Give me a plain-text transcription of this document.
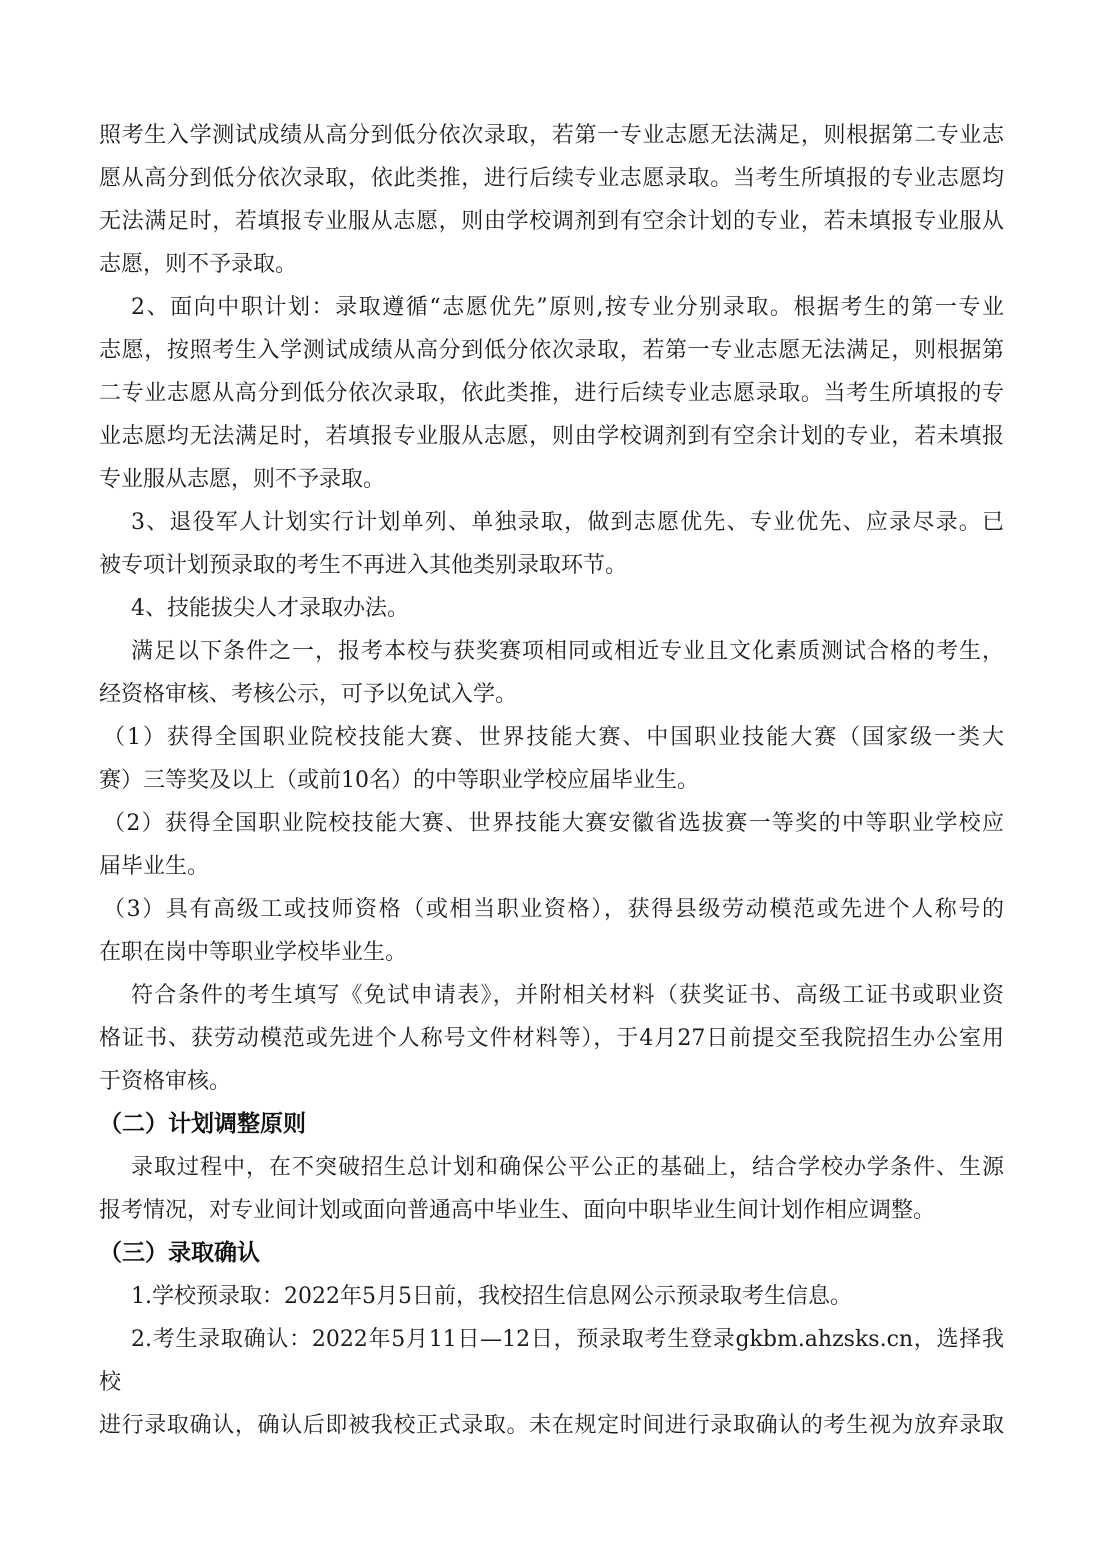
照考生入学测试成绩从高分到低分依次录取，若第一专业志愿无法满足，则根据第二专业志
愿从高分到低分依次录取，依此类推，进行后续专业志愿录取。当考生所填报的专业志愿均
无法满足时，若填报专业服从志愿，则由学校调剂到有空余计划的专业，若未填报专业服从
志愿，则不予录取。
2、面向中职计划：录取遵循“志愿优先”原则,按专业分别录取。根据考生的第一专业
志愿，按照考生入学测试成绩从高分到低分依次录取，若第一专业志愿无法满足，则根据第
二专业志愿从高分到低分依次录取，依此类推，进行后续专业志愿录取。当考生所填报的专
业志愿均无法满足时，若填报专业服从志愿，则由学校调剂到有空余计划的专业，若未填报
专业服从志愿，则不予录取。
3、退役军人计划实行计划单列、单独录取，做到志愿优先、专业优先、应录尽录。已
被专项计划预录取的考生不再进入其他类别录取环节。
4、技能拔尖人才录取办法。
满足以下条件之一，报考本校与获奖赛项相同或相近专业且文化素质测试合格的考生，
经资格审核、考核公示，可予以免试入学。
（1）获得全国职业院校技能大赛、世界技能大赛、中国职业技能大赛（国家级一类大
赛）三等奖及以上（或前10名）的中等职业学校应届毕业生。
（2）获得全国职业院校技能大赛、世界技能大赛安徽省选拔赛一等奖的中等职业学校应
届毕业生。
（3）具有高级工或技师资格（或相当职业资格），获得县级劳动模范或先进个人称号的
在职在岗中等职业学校毕业生。
符合条件的考生填写《免试申请表》，并附相关材料（获奖证书、高级工证书或职业资
格证书、获劳动模范或先进个人称号文件材料等），于4月27日前提交至我院招生办公室用
于资格审核。
（二）计划调整原则
录取过程中，在不突破招生总计划和确保公平公正的基础上，结合学校办学条件、生源
报考情况，对专业间计划或面向普通高中毕业生、面向中职毕业生间计划作相应调整。
（三）录取确认
1.学校预录取：2022年5月5日前，我校招生信息网公示预录取考生信息。
2.考生录取确认：2022年5月11日—12日，预录取考生登录gkbm.ahzsks.cn，选择我校
进行录取确认，确认后即被我校正式录取。未在规定时间进行录取确认的考生视为放弃录取
